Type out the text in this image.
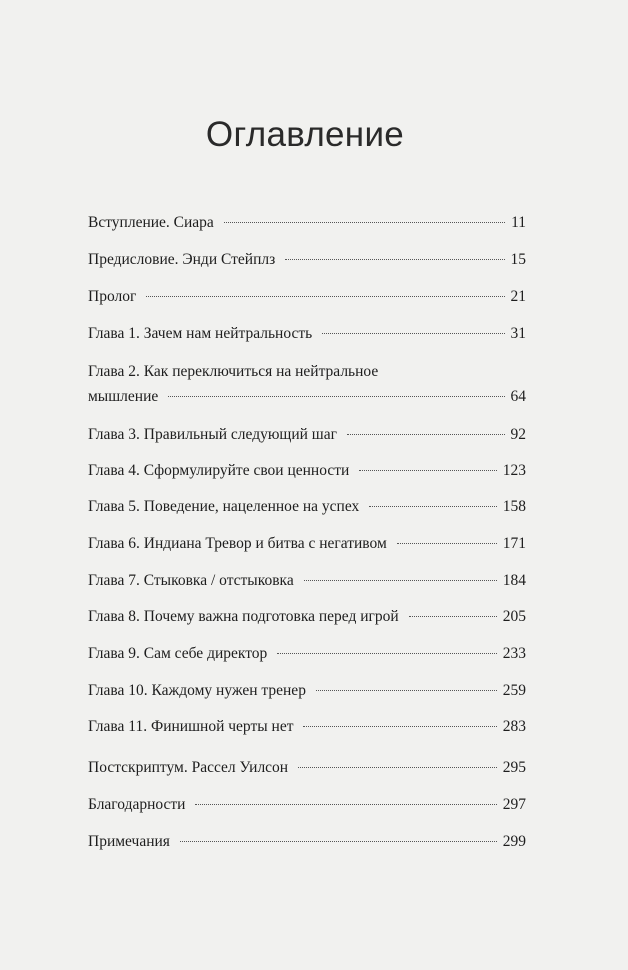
Оглавление
Вступление. Сиара	11
Предисловие. Энди Стейплз	15
Пролог	21
Глава 1. Зачем нам нейтральность	31
Глава 2. Как переключиться на нейтральное
мышление	64
Глава 3. Правильный следующий шаг	92
Глава 4. Сформулируйте свои ценности	123
Глава 5. Поведение, нацеленное на успех	158
Глава 6. Индиана Тревор и битва с негативом	171
Глава 7. Стыковка / отстыковка	184
Глава 8. Почему важна подготовка перед игрой	205
Глава 9. Сам себе директор	233
Глава 10. Каждому нужен тренер	259
Глава 11. Финишной черты нет	283
Постскриптум. Рассел Уилсон	295
Благодарности	297
Примечания	299
